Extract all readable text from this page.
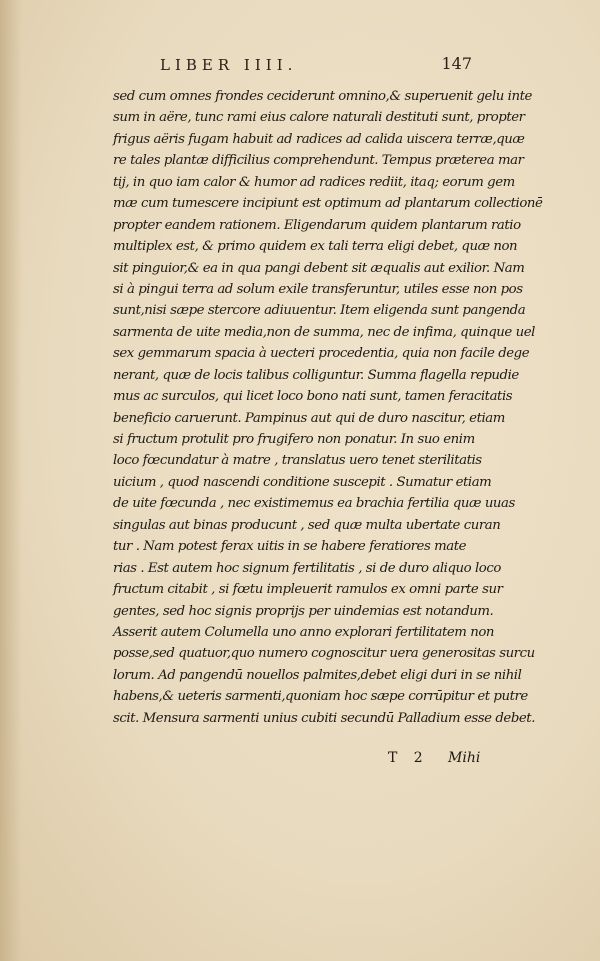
LIBER IIII.	147
sed cum omnes frondes ceciderunt omnino,& superuenit gelu inte
sum in aëre, tunc rami eius calore naturali destituti sunt, propter
frigus aëris fugam habuit ad radices ad calida uiscera terræ,quæ
re tales plantæ difficilius comprehendunt. Tempus præterea mar
tij, in quo iam calor & humor ad radices rediit, itaq; eorum gem
mæ cum tumescere incipiunt est optimum ad plantarum collectionē
propter eandem rationem. Eligendarum quidem plantarum ratio
multiplex est, & primo quidem ex tali terra eligi debet, quæ non
sit pinguior,& ea in qua pangi debent sit æqualis aut exilior. Nam
si à pingui terra ad solum exile transferuntur, utiles esse non pos
sunt,nisi sæpe stercore adiuuentur. Item eligenda sunt pangenda
sarmenta de uite media,non de summa, nec de infima, quinque uel
sex gemmarum spacia à uecteri procedentia, quia non facile dege
nerant, quæ de locis talibus colliguntur. Summa flagella repudie
mus ac surculos, qui licet loco bono nati sunt, tamen feracitatis
beneficio caruerunt. Pampinus aut qui de duro nascitur, etiam
si fructum protulit pro frugifero non ponatur. In suo enim
loco fœcundatur à matre , translatus uero tenet sterilitatis
uicium , quod nascendi conditione suscepit . Sumatur etiam
de uite fœcunda , nec existimemus ea brachia fertilia quæ uuas
singulas aut binas producunt , sed quæ multa ubertate curan
tur . Nam potest ferax uitis in se habere feratiores mate
rias . Est autem hoc signum fertilitatis , si de duro aliquo loco
fructum citabit , si fœtu impleuerit ramulos ex omni parte sur
gentes, sed hoc signis proprijs per uindemias est notandum.
Asserit autem Columella uno anno explorari fertilitatem non
posse,sed quatuor,quo numero cognoscitur uera generositas surcu
lorum. Ad pangendū nouellos palmites,debet eligi duri in se nihil
habens,& ueteris sarmenti,quoniam hoc sæpe corrūpitur et putre
scit. Mensura sarmenti unius cubiti secundū Palladium esse debet.
T 2 Mihi
